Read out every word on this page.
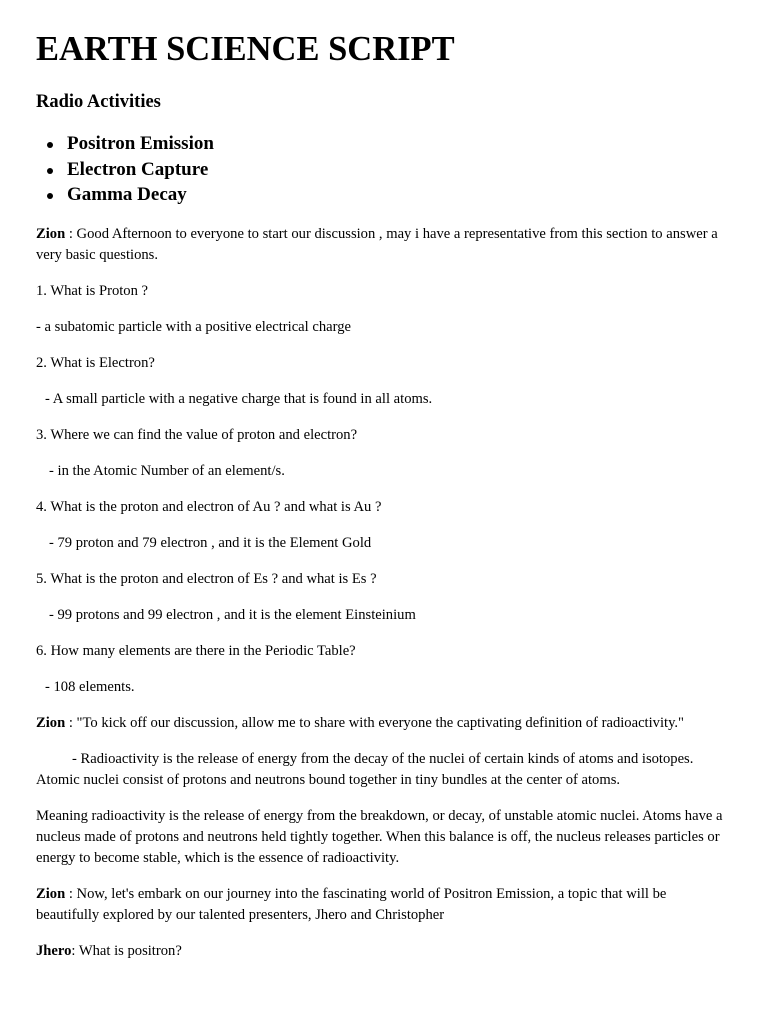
EARTH SCIENCE SCRIPT
Radio Activities
Positron Emission
Electron Capture
Gamma Decay

Zion : Good Afternoon to everyone to start our discussion , may i have a representative from this section to answer a very basic questions.

1. What is Proton ?

- a subatomic particle with a positive electrical charge

2. What is Electron?

- A small particle with a negative charge that is found in all atoms.

3. Where we can find the value of proton and electron?

- in the Atomic Number of an element/s.

4. What is the proton and electron of Au ? and what is Au ?

- 79 proton and 79 electron , and it is the Element Gold

5. What is the proton and electron of Es ? and what is Es ?

- 99 protons and 99 electron , and it is the element Einsteinium

6. How many elements are there in the Periodic Table?

- 108 elements.

Zion : "To kick off our discussion, allow me to share with everyone the captivating definition of radioactivity."

- Radioactivity is the release of energy from the decay of the nuclei of certain kinds of atoms and isotopes. Atomic nuclei consist of protons and neutrons bound together in tiny bundles at the center of atoms.

Meaning radioactivity is the release of energy from the breakdown, or decay, of unstable atomic nuclei. Atoms have a nucleus made of protons and neutrons held tightly together. When this balance is off, the nucleus releases particles or energy to become stable, which is the essence of radioactivity.

Zion : Now, let's embark on our journey into the fascinating world of Positron Emission, a topic that will be beautifully explored by our talented presenters, Jhero and Christopher

Jhero: What is positron?
